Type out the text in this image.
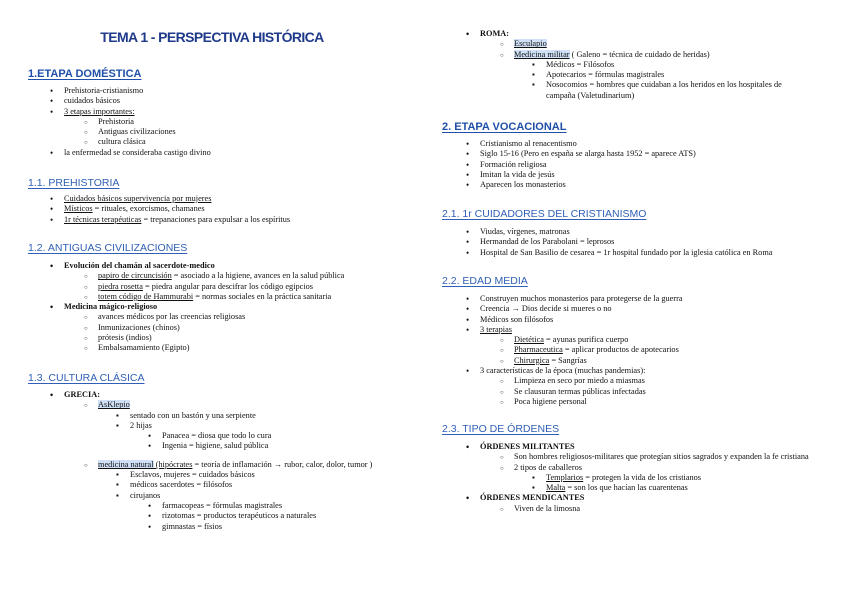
TEMA 1 - PERSPECTIVA HISTÓRICA
1.ETAPA DOMÉSTICA
• Prehistoria-cristianismo
• cuidados básicos
• 3 etapas importantes:
○ Prehistoria
○ Antiguas civilizaciones
○ cultura clásica
• la enfermedad se consideraba castigo divino
1.1. PREHISTORIA
• Cuidados básicos supervivencia por mujeres
• Místicos = rituales, exorcismos, chamanes
• 1r técnicas terapéuticas = trepanaciones para expulsar a los espíritus
1.2. ANTIGUAS CIVILIZACIONES
• Evolución del chamán al sacerdote-medico
○ papiro de circuncisión = asociado a la higiene, avances en la salud pública
○ piedra rosetta = piedra angular para descifrar los código egipcios
○ totem código de Hammurabi = normas sociales en la práctica sanitaria
• Medicina mágico-religioso
○ avances médicos por las creencias religiosas
○ Inmunizaciones (chinos)
○ prótesis (indios)
○ Embalsamamiento (Egipto)
1.3. CULTURA CLÁSICA
• GRECIA:
○ AsKlepio
▪ sentado con un bastón y una serpiente
▪ 2 hijas
• Panacea = diosa que todo lo cura
• Ingenia = higiene, salud pública
○ medicina natural (hipócrates = teoría de inflamación → rubor, calor, dolor, tumor )
▪ Esclavos, mujeres = cuidados básicos
▪ médicos sacerdotes = filósofos
▪ cirujanos
• farmacopeas = fórmulas magistrales
• rizotomas = productos terapéuticos a naturales
• gimnastas = físios
• ROMA:
○ Esculapio
○ Medicina militar ( Galeno = técnica de cuidado de heridas)
▪ Médicos = Filósofos
▪ Apotecarios = fórmulas magistrales
▪ Nosocomios = hombres que cuidaban a los heridos en los hospitales de campaña (Valetudinarium)
2. ETAPA VOCACIONAL
• Cristianismo al renacentismo
• Siglo 15-16 (Pero en españa se alarga hasta 1952 = aparece ATS)
• Formación religiosa
• Imitan la vida de jesús
• Aparecen los monasterios
2.1. 1r CUIDADORES DEL CRISTIANISMO
• Viudas, vírgenes, matronas
• Hermandad de los Parabolani = leprosos
• Hospital de San Basilio de cesarea = 1r hospital fundado por la iglesia católica en Roma
2.2. EDAD MEDIA
• Construyen muchos monasterios para protegerse de la guerra
• Creencia → Dios decide si mueres o no
• Médicos son filósofos
• 3 terapias
○ Dietética = ayunas purifica cuerpo
○ Pharmaceutica = aplicar productos de apotecarios
○ Chirurgica = Sangrías
• 3 características de la época (muchas pandemias):
○ Limpieza en seco por miedo a miasmas
○ Se clausuran termas públicas infectadas
○ Poca higiene personal
2.3. TIPO DE ÓRDENES
• ÓRDENES MILITANTES
○ Son hombres religiosos-militares que protegían sitios sagrados y expanden la fe cristiana
○ 2 tipos de caballeros
▪ Templarios = protegen la vida de los cristianos
▪ Malta = son los que hacían las cuarentenas
• ÓRDENES MENDICANTES
○ Viven de la limosna
